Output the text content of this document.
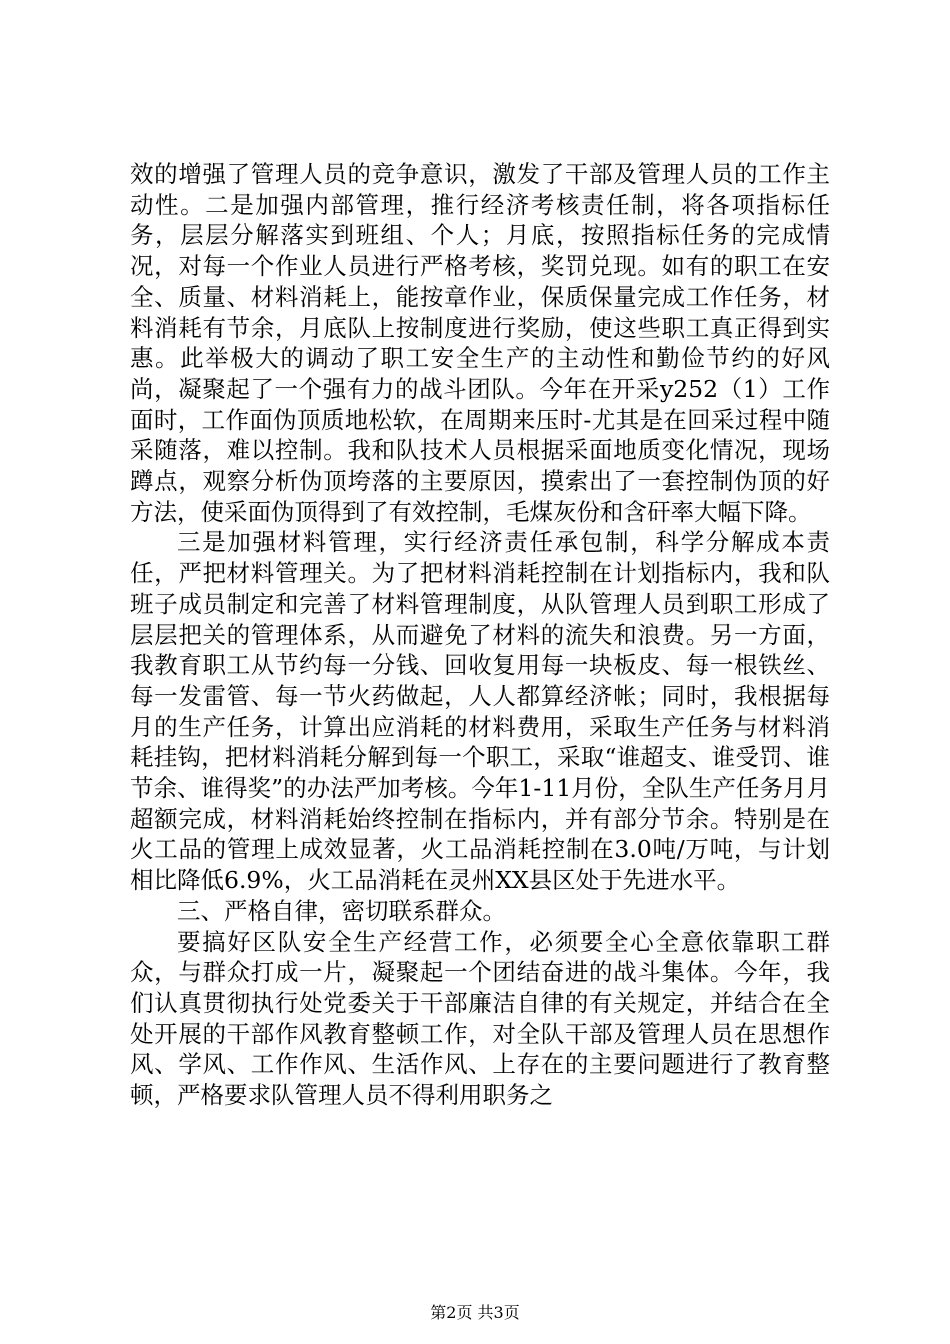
效的增强了管理人员的竞争意识，激发了干部及管理人员的工作主动性。二是加强内部管理，推行经济考核责任制，将各项指标任务，层层分解落实到班组、个人；月底，按照指标任务的完成情况，对每一个作业人员进行严格考核，奖罚兑现。如有的职工在安全、质量、材料消耗上，能按章作业，保质保量完成工作任务，材料消耗有节余，月底队上按制度进行奖励，使这些职工真正得到实惠。此举极大的调动了职工安全生产的主动性和勤俭节约的好风尚，凝聚起了一个强有力的战斗团队。今年在开采y252（1）工作面时，工作面伪顶质地松软，在周期来压时-尤其是在回采过程中随采随落，难以控制。我和队技术人员根据采面地质变化情况，现场蹲点，观察分析伪顶垮落的主要原因，摸索出了一套控制伪顶的好方法，使采面伪顶得到了有效控制，毛煤灰份和含矸率大幅下降。

三是加强材料管理，实行经济责任承包制，科学分解成本责任，严把材料管理关。为了把材料消耗控制在计划指标内，我和队班子成员制定和完善了材料管理制度，从队管理人员到职工形成了层层把关的管理体系，从而避免了材料的流失和浪费。另一方面，我教育职工从节约每一分钱、回收复用每一块板皮、每一根铁丝、每一发雷管、每一节火药做起，人人都算经济帐；同时，我根据每月的生产任务，计算出应消耗的材料费用，采取生产任务与材料消耗挂钩，把材料消耗分解到每一个职工，采取“谁超支、谁受罚、谁节余、谁得奖”的办法严加考核。今年1-11月份，全队生产任务月月超额完成，材料消耗始终控制在指标内，并有部分节余。特别是在火工品的管理上成效显著，火工品消耗控制在3.0吨/万吨，与计划相比降低6.9%，火工品消耗在灵州XX县区处于先进水平。

三、严格自律，密切联系群众。

要搞好区队安全生产经营工作，必须要全心全意依靠职工群众，与群众打成一片，凝聚起一个团结奋进的战斗集体。今年，我们认真贯彻执行处党委关于干部廉洁自律的有关规定，并结合在全处开展的干部作风教育整顿工作，对全队干部及管理人员在思想作风、学风、工作作风、生活作风、上存在的主要问题进行了教育整顿，严格要求队管理人员不得利用职务之

第2页 共3页
